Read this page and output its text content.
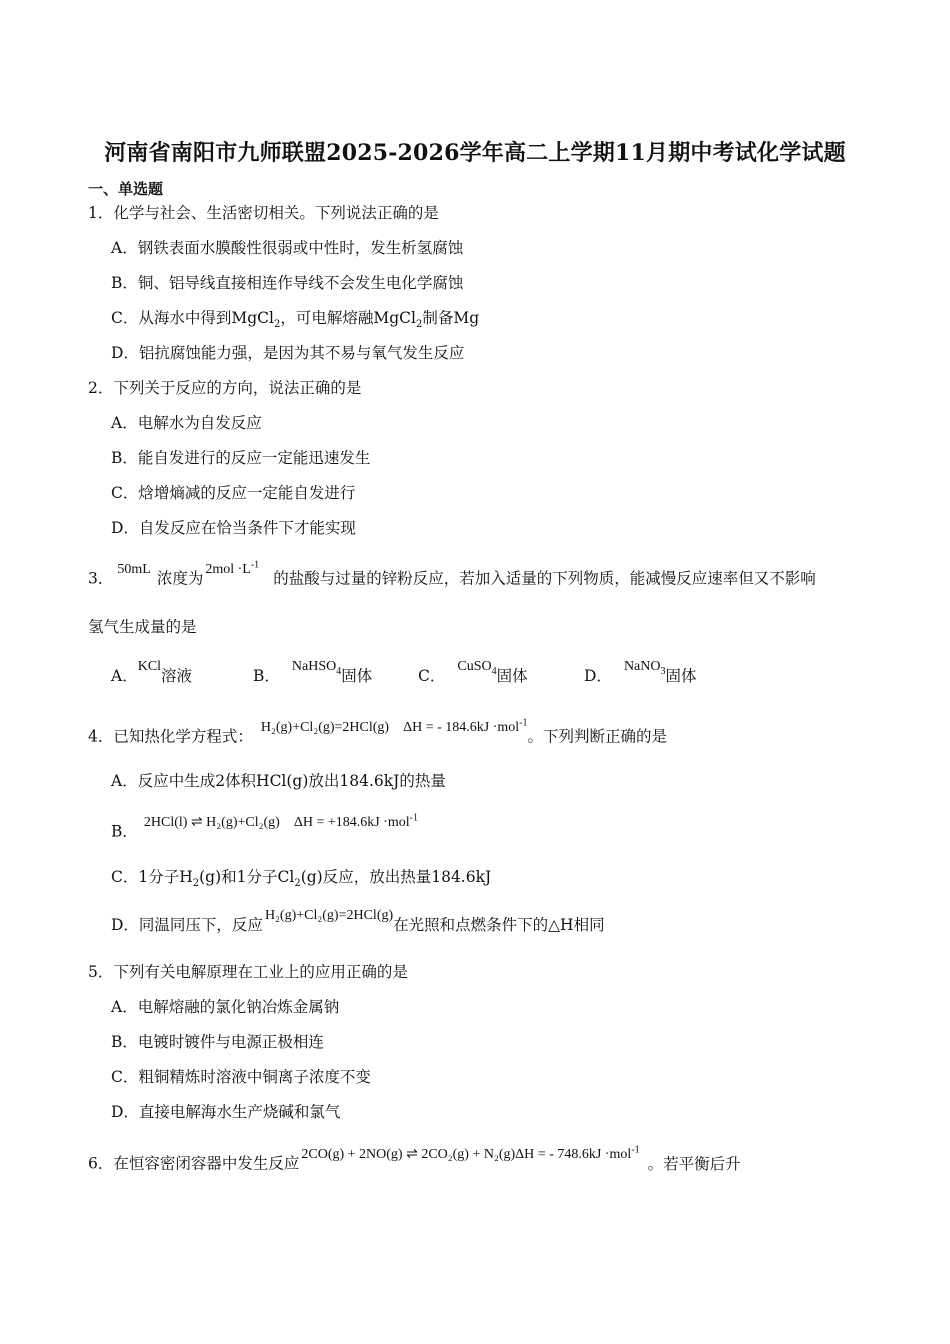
河南省南阳市九师联盟2025-2026学年高二上学期11月期中考试化学试题
一、单选题
1．化学与社会、生活密切相关。下列说法正确的是
A．钢铁表面水膜酸性很弱或中性时，发生析氢腐蚀
B．铜、铝导线直接相连作导线不会发生电化学腐蚀
C．从海水中得到MgCl$_2$，可电解熔融MgCl$_2$制备Mg
D．铝抗腐蚀能力强，是因为其不易与氧气发生反应
2．下列关于反应的方向，说法正确的是
A．电解水为自发反应
B．能自发进行的反应一定能迅速发生
C．焓增熵减的反应一定能自发进行
D．自发反应在恰当条件下才能实现
3．50mL浓度为$2mol \cdot L^{-1}$的盐酸与过量的锌粉反应，若加入适量的下列物质，能减慢反应速率但又不影响
氢气生成量的是
A．KCl溶液	B．NaHSO$_4$固体	C．CuSO$_4$固体	D．NaNO$_3$固体
4．已知热化学方程式：H₂(g)+Cl₂(g)=2HCl(g) ΔH = - 184.6kJ ·mol$^{-1}$。下列判断正确的是
A．反应中生成2体积HCl(g)放出184.6kJ的热量
B．2HCl(l) ⇌ H₂(g)+Cl₂(g) ΔH = +184.6kJ ·mol$^{-1}$
C．1分子$H_2(g)$和1分子$Cl_2(g)$反应，放出热量184.6kJ
D．同温同压下，反应H₂(g)+Cl₂(g)=2HCl(g)在光照和点燃条件下的△H相同
5．下列有关电解原理在工业上的应用正确的是
A．电解熔融的氯化钠冶炼金属钠
B．电镀时镀件与电源正极相连
C．粗铜精炼时溶液中铜离子浓度不变
D．直接电解海水生产烧碱和氯气
6．在恒容密闭容器中发生反应2CO(g) + 2NO(g) ⇌ 2CO₂(g) + N₂(g)ΔH = - 748.6kJ ·mol$^{-1}$。若平衡后升
